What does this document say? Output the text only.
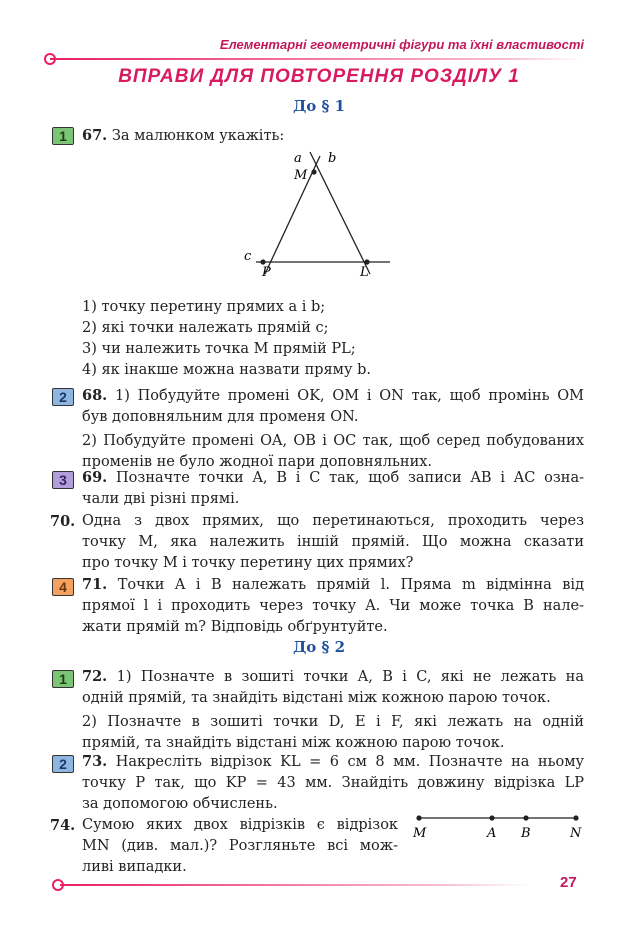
Елементарні геометричні фігури та їхні властивості
ВПРАВИ ДЛЯ ПОВТОРЕННЯ РОЗДІЛУ 1
До § 1
1	67. За малюнком укажіть:
a b
M
c
P	L
1) точку перетину прямих a і b;
2) які точки належать прямій c;
3) чи належить точка M прямій PL;
4) як інакше можна назвати пряму b.
2	68. 1) Побудуйте промені OK, OM і ON так, щоб промінь OM
був доповняльним для променя ON.
2) Побудуйте промені OA, OB і OC так, щоб серед побудованих
променів не було жодної пари доповняльних.
3	69. Позначте точки A, B і C так, щоб записи AB і AC озна-
чали дві різні прямі.
70. Одна з двох прямих, що перетинаються, проходить через
точку M, яка належить іншій прямій. Що можна сказати
про точку M і точку перетину цих прямих?
4	71. Точки A і B належать прямій l. Пряма m відмінна від
прямої l і проходить через точку A. Чи може точка B нале-
жати прямій m? Відповідь обґрунтуйте.
До § 2
1	72. 1) Позначте в зошиті точки A, B і C, які не лежать на
одній прямій, та знайдіть відстані між кожною парою точок.
2) Позначте в зошиті точки D, E і F, які лежать на одній
прямій, та знайдіть відстані між кожною парою точок.
2	73. Накресліть відрізок KL = 6 см 8 мм. Позначте на ньому
точку P так, що KP = 43 мм. Знайдіть довжину відрізка LP
за допомогою обчислень.
74. Сумою яких двох відрізків є відрізок
MN (див. мал.)? Розгляньте всі мож-
ливі випадки.
M	A B	N
27
